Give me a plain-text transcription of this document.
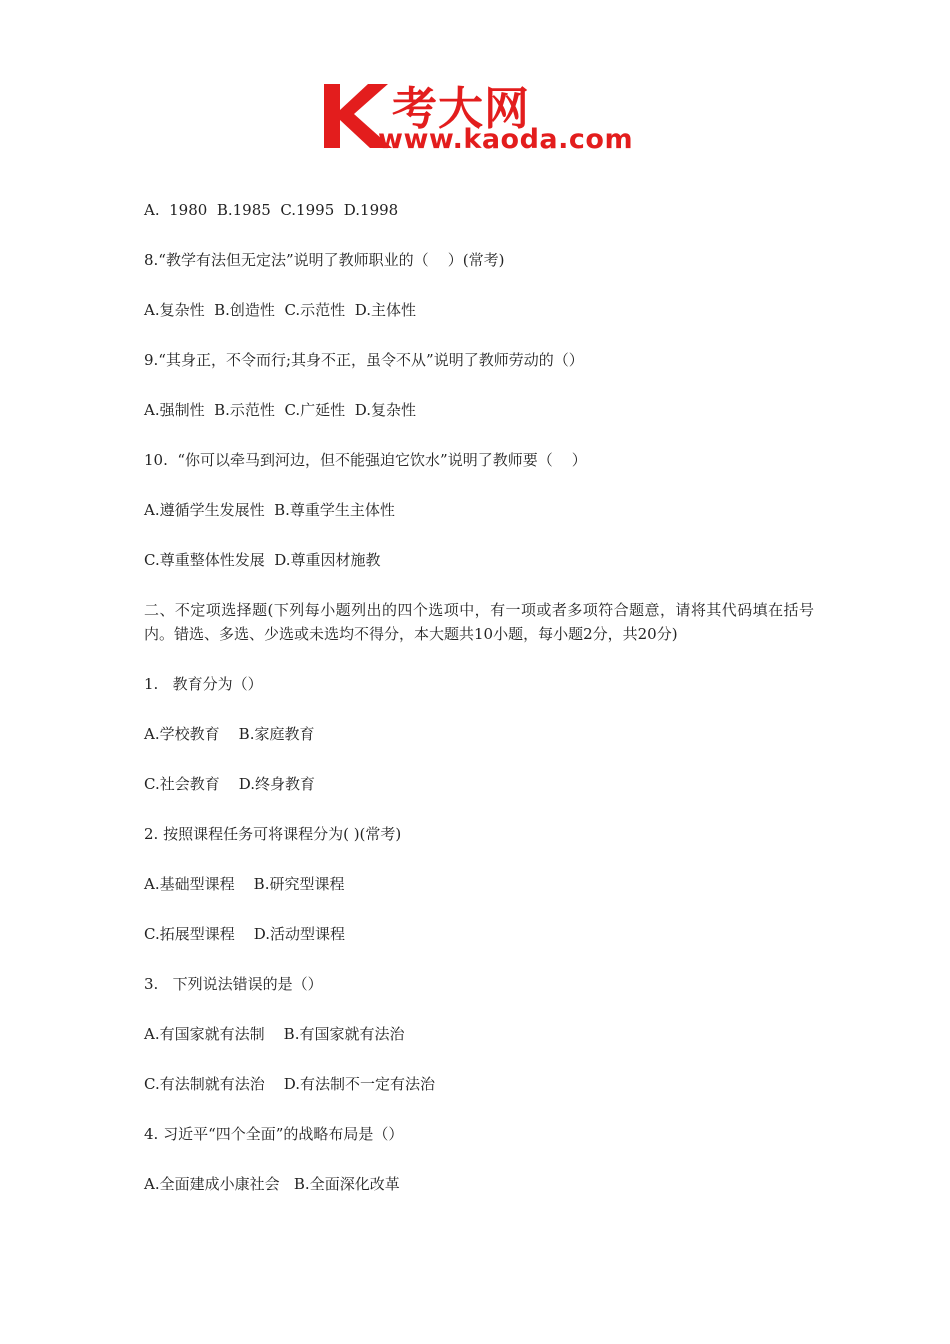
考大网
www.kaoda.com
A.  1980  B.1985  C.1995  D.1998
8.“教学有法但无定法”说明了教师职业的（    ）(常考)
A.复杂性  B.创造性  C.示范性  D.主体性
9.“其身正，不令而行;其身不正，虽令不从”说明了教师劳动的（）
A.强制性  B.示范性  C.广延性  D.复杂性
10.  “你可以牵马到河边，但不能强迫它饮水”说明了教师要（    ）
A.遵循学生发展性  B.尊重学生主体性
C.尊重整体性发展  D.尊重因材施教
二、不定项选择题(下列每小题列出的四个选项中，有一项或者多项符合题意，请将其代码填在括号内。错选、多选、少选或未选均不得分，本大题共10小题，每小题2分，共20分)
1.   教育分为（）
A.学校教育    B.家庭教育
C.社会教育    D.终身教育
2. 按照课程任务可将课程分为( )(常考)
A.基础型课程    B.研究型课程
C.拓展型课程    D.活动型课程
3.   下列说法错误的是（）
A.有国家就有法制    B.有国家就有法治
C.有法制就有法治    D.有法制不一定有法治
4. 习近平“四个全面”的战略布局是（）
A.全面建成小康社会   B.全面深化改革
